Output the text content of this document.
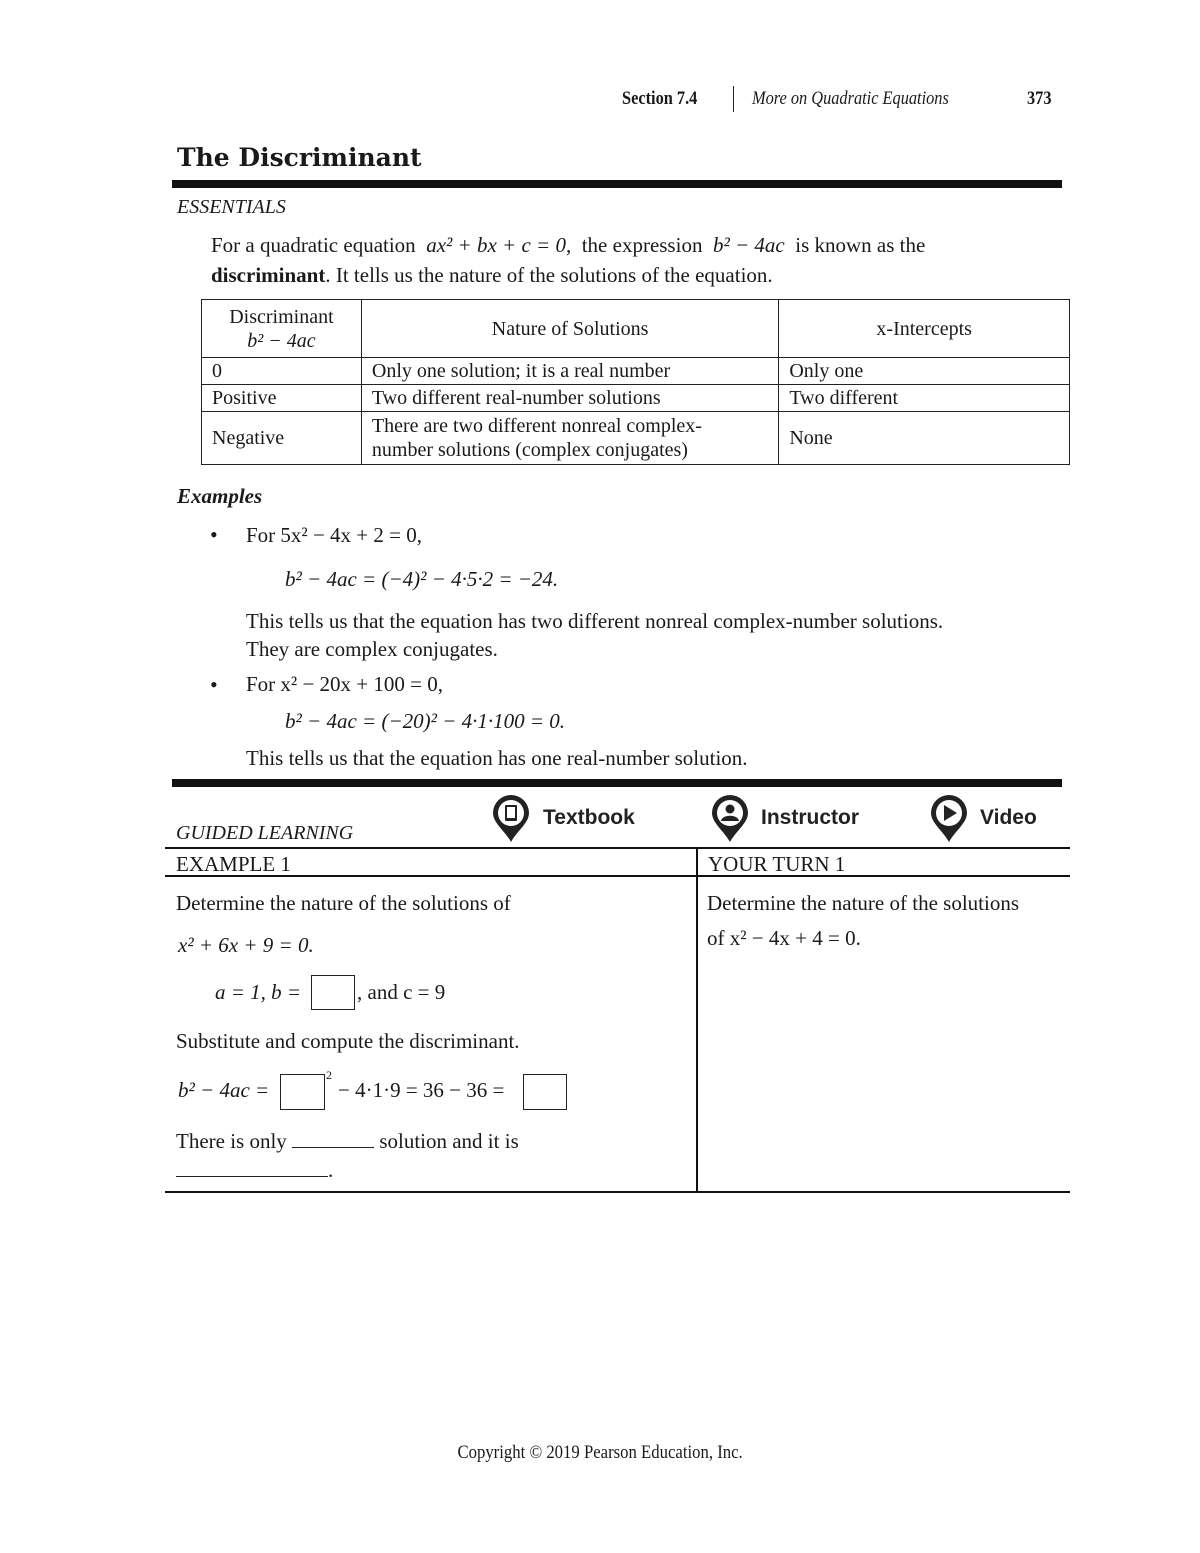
Section 7.4	More on Quadratic Equations	373
The Discriminant
ESSENTIALS
For a quadratic equation ax² + bx + c = 0, the expression b² − 4ac is known as the
discriminant. It tells us the nature of the solutions of the equation.
Discriminant
b² − 4ac	Nature of Solutions	x-Intercepts
0	Only one solution; it is a real number	Only one
Positive	Two different real-number solutions	Two different
Negative	There are two different nonreal complex-
number solutions (complex conjugates)	None
Examples
• For 5x² − 4x + 2 = 0,
b² − 4ac = (−4)² − 4·5·2 = −24.
This tells us that the equation has two different nonreal complex-number solutions.
They are complex conjugates.
• For x² − 20x + 100 = 0,
b² − 4ac = (−20)² − 4·1·100 = 0.
This tells us that the equation has one real-number solution.
GUIDED LEARNING
Textbook	Instructor	Video
EXAMPLE 1	YOUR TURN 1
Determine the nature of the solutions of
x² + 6x + 9 = 0.
a = 1, b =	, and c = 9
Substitute and compute the discriminant.
b² − 4ac =
2
− 4·1·9 = 36 − 36 =
There is only	solution and it is
.
Determine the nature of the solutions
of x² − 4x + 4 = 0.
Copyright © 2019 Pearson Education, Inc.
